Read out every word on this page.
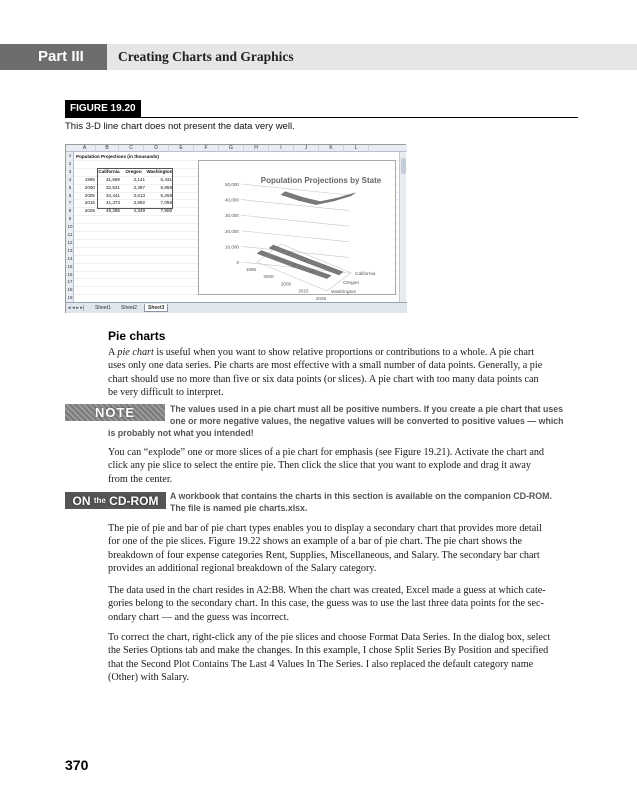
Part III	Creating Charts and Graphics
FIGURE 19.20
This 3-D line chart does not present the data very well.
A	B	C	D	E	F	G	H	I	J	K	L
1
2
3
4
5
6
7
8
9
10
11
12
13
14
15
16
17
18
19
Population Projections (in thousands)
California	Oregon	Washington
1995	31,589	3,141	5,431
2000	32,521	3,397	5,858
2005	34,441	3,613	6,258
2015	41,373	3,992	7,058
2025	49,285	4,349	7,808
Population Projections by State
50,000
40,000
30,000
20,000
10,000
0
Washington
Oregon
California
1995
2000
2005
2015
2025
◂ ◂ ▸ ▸|	Sheet1	Sheet2	Sheet3
Pie charts
A pie chart is useful when you want to show relative proportions or contributions to a whole. A pie chart
uses only one data series. Pie charts are most effective with a small number of data points. Generally, a pie
chart should use no more than five or six data points (or slices). A pie chart with too many data points can
be very difficult to interpret.
NOTE	The values used in a pie chart must all be positive numbers. If you create a pie chart that uses
one or more negative values, the negative values will be converted to positive values — which
is probably not what you intended!
You can “explode” one or more slices of a pie chart for emphasis (see Figure 19.21). Activate the chart and
click any pie slice to select the entire pie. Then click the slice that you want to explode and drag it away
from the center.
ON the CD-ROM	A workbook that contains the charts in this section is available on the companion CD-ROM.
The file is named pie charts.xlsx.
The pie of pie and bar of pie chart types enables you to display a secondary chart that provides more detail
for one of the pie slices. Figure 19.22 shows an example of a bar of pie chart. The pie chart shows the
breakdown of four expense categories Rent, Supplies, Miscellaneous, and Salary. The secondary bar chart
provides an additional regional breakdown of the Salary category.
The data used in the chart resides in A2:B8. When the chart was created, Excel made a guess at which cate-
gories belong to the secondary chart. In this case, the guess was to use the last three data points for the sec-
ondary chart — and the guess was incorrect.
To correct the chart, right-click any of the pie slices and choose Format Data Series. In the dialog box, select
the Series Options tab and make the changes. In this example, I chose Split Series By Position and specified
that the Second Plot Contains The Last 4 Values In The Series. I also replaced the default category name
(Other) with Salary.
370
